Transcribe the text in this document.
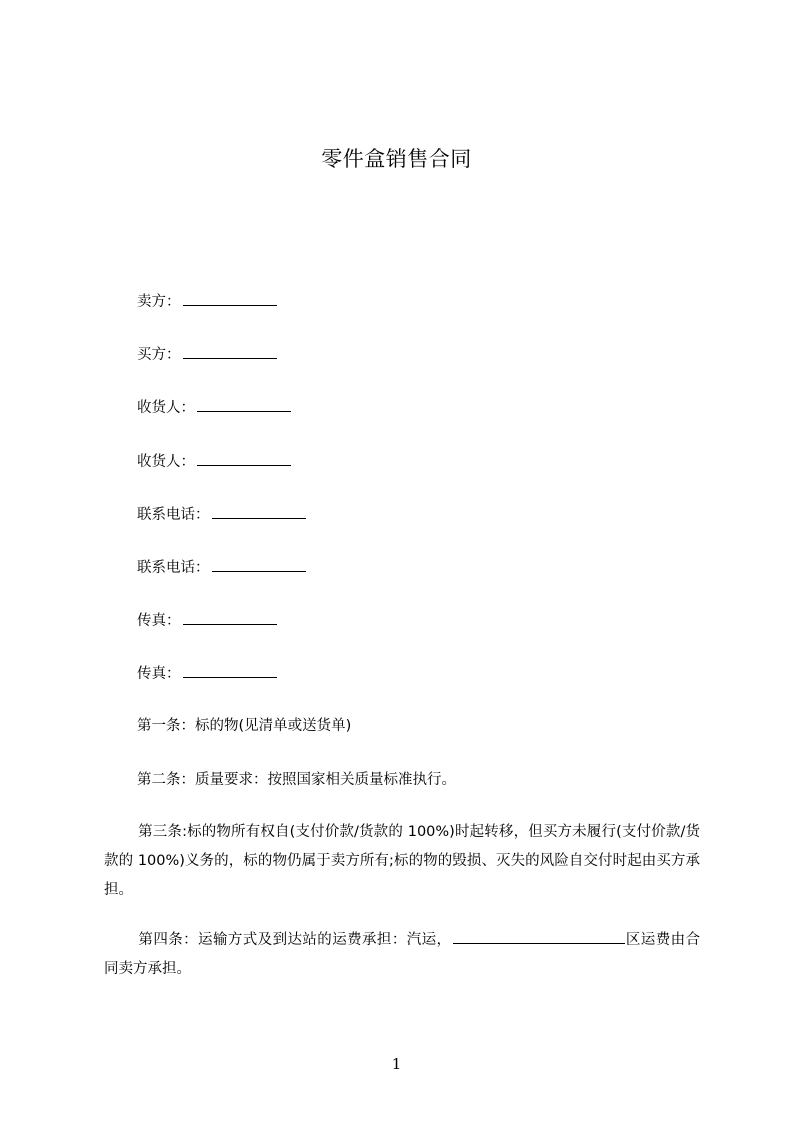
零件盒销售合同
卖方：
买方：
收货人：
收货人：
联系电话：
联系电话：
传真：
传真：
第一条：标的物(见清单或送货单)
第二条：质量要求：按照国家相关质量标准执行。
第三条:标的物所有权自(支付价款/货款的 100%)时起转移，但买方未履行(支付价款/货款的 100%)义务的，标的物仍属于卖方所有;标的物的毁损、灭失的风险自交付时起由买方承担。
第四条：运输方式及到达站的运费承担：汽运，	区运费由合同卖方承担。
1
